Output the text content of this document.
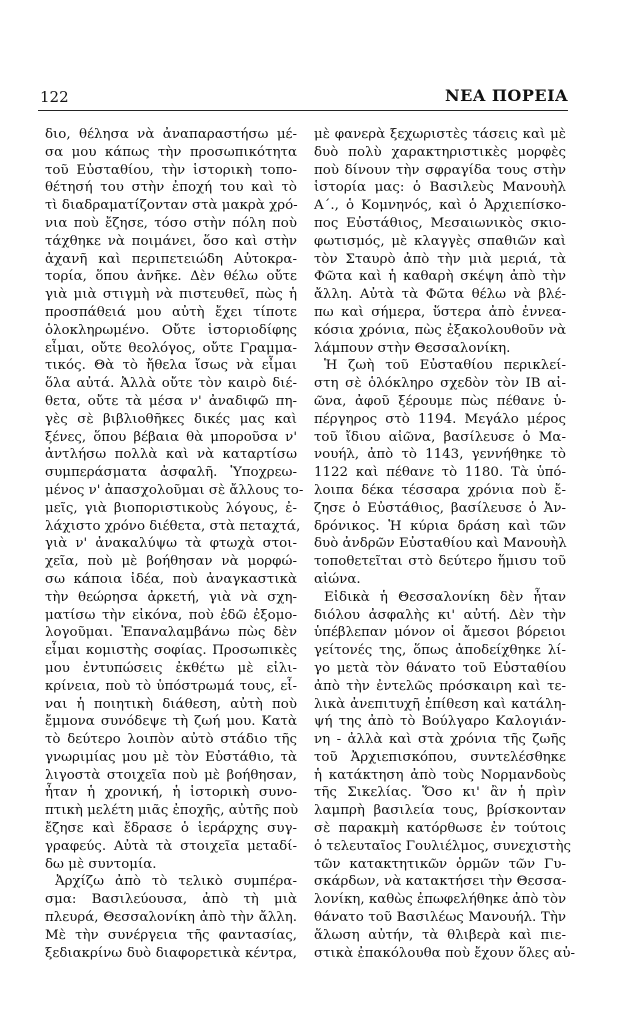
122	ΝΕΑ ΠΟΡΕΙΑ
διο, θέλησα νὰ ἀναπαραστήσω μέ-
σα μου κάπως τὴν προσωπικότητα
τοῦ Εὐσταθίου, τὴν ἱστορικὴ τοπο-
θέτησή του στὴν ἐποχή του καὶ τὸ
τὶ διαδραματίζονταν στὰ μακρὰ χρό-
νια ποὺ ἔζησε, τόσο στὴν πόλη ποὺ
τάχθηκε νὰ ποιμάνει, ὅσο καὶ στὴν
ἀχανῆ καὶ περιπετειώδη Αὐτοκρα-
τορία, ὅπου ἀνῆκε. Δὲν θέλω οὔτε
γιὰ μιὰ στιγμὴ νὰ πιστευθεῖ, πὼς ἡ
προσπάθειά μου αὐτὴ ἔχει τίποτε
ὁλοκληρωμένο. Οὔτε ἱστοριοδίφης
εἶμαι, οὔτε θεολόγος, οὔτε Γραμμα-
τικός. Θὰ τὸ ἤθελα ἴσως νὰ εἶμαι
ὅλα αὐτά. Ἀλλὰ οὔτε τὸν καιρὸ διέ-
θετα, οὔτε τὰ μέσα ν' ἀναδιφῶ πη-
γὲς σὲ βιβλιοθῆκες δικές μας καὶ
ξένες, ὅπου βέβαια θὰ μποροῦσα ν'
ἀντλήσω πολλὰ καὶ νὰ καταρτίσω
συμπεράσματα ἀσφαλῆ. Ὑποχρεω-
μένος ν' ἀπασχολοῦμαι σὲ ἄλλους το-
μεῖς, γιὰ βιοποριστικοὺς λόγους, ἐ-
λάχιστο χρόνο διέθετα, στὰ πεταχτά,
γιὰ ν' ἀνακαλύψω τὰ φτωχὰ στοι-
χεῖα, ποὺ μὲ βοήθησαν νὰ μορφώ-
σω κάποια ἰδέα, ποὺ ἀναγκαστικὰ
τὴν θεώρησα ἀρκετή, γιὰ νὰ σχη-
ματίσω τὴν εἰκόνα, ποὺ ἐδῶ ἐξομο-
λογοῦμαι. Ἐπαναλαμβάνω πὼς δὲν
εἶμαι κομιστὴς σοφίας. Προσωπικὲς
μου ἐντυπώσεις ἐκθέτω μὲ εἰλι-
κρίνεια, ποὺ τὸ ὑπόστρωμά τους, εἶ-
ναι ἡ ποιητικὴ διάθεση, αὐτὴ ποὺ
ἔμμονα συνόδεψε τὴ ζωή μου. Κατὰ
τὸ δεύτερο λοιπὸν αὐτὸ στάδιο τῆς
γνωριμίας μου μὲ τὸν Εὐστάθιο, τὰ
λιγοστὰ στοιχεῖα ποὺ μὲ βοήθησαν,
ἦταν ἡ χρονική, ἡ ἱστορικὴ συνο-
πτικὴ μελέτη μιᾶς ἐποχῆς, αὐτῆς ποὺ
ἔζησε καὶ ἔδρασε ὁ ἱεράρχης συγ-
γραφεύς. Αὐτὰ τὰ στοιχεῖα μεταδί-
δω μὲ συντομία.
Ἀρχίζω ἀπὸ τὸ τελικὸ συμπέρα-
σμα: Βασιλεύουσα, ἀπὸ τὴ μιὰ
πλευρά, Θεσσαλονίκη ἀπὸ τὴν ἄλλη.
Μὲ τὴν συνέργεια τῆς φαντασίας,
ξεδιακρίνω δυὸ διαφορετικὰ κέντρα,
μὲ φανερὰ ξεχωριστὲς τάσεις καὶ μὲ
δυὸ πολὺ χαρακτηριστικὲς μορφὲς
ποὺ δίνουν τὴν σφραγίδα τους στὴν
ἱστορία μας: ὁ Βασιλεὺς Μανουὴλ
Α΄., ὁ Κομνηνός, καὶ ὁ Ἀρχιεπίσκο-
πος Εὐστάθιος, Μεσαιωνικὸς σκιο-
φωτισμός, μὲ κλαγγὲς σπαθιῶν καὶ
τὸν Σταυρὸ ἀπὸ τὴν μιὰ μεριά, τὰ
Φῶτα καὶ ἡ καθαρὴ σκέψη ἀπὸ τὴν
ἄλλη. Αὐτὰ τὰ Φῶτα θέλω νὰ βλέ-
πω καὶ σήμερα, ὕστερα ἀπὸ ἐννεα-
κόσια χρόνια, πὼς ἐξακολουθοῦν νὰ
λάμπουν στὴν Θεσσαλονίκη.
Ἡ ζωὴ τοῦ Εὐσταθίου περικλεί-
στη σὲ ὁλόκληρο σχεδὸν τὸν ΙΒ αἰ-
ῶνα, ἀφοῦ ξέρουμε πὼς πέθανε ὑ-
πέργηρος στὸ 1194. Μεγάλο μέρος
τοῦ ἴδιου αἰῶνα, βασίλευσε ὁ Μα-
νουήλ, ἀπὸ τὸ 1143, γεννήθηκε τὸ
1122 καὶ πέθανε τὸ 1180. Τὰ ὑπό-
λοιπα δέκα τέσσαρα χρόνια ποὺ ἔ-
ζησε ὁ Εὐστάθιος, βασίλευσε ὁ Ἀν-
δρόνικος. Ἡ κύρια δράση καὶ τῶν
δυὸ ἀνδρῶν Εὐσταθίου καὶ Μανουὴλ
τοποθετεῖται στὸ δεύτερο ἥμισυ τοῦ
αἰώνα.
Εἰδικὰ ἡ Θεσσαλονίκη δὲν ἦταν
διόλου ἀσφαλὴς κι' αὐτή. Δὲν τὴν
ὑπέβλεπαν μόνον οἱ ἄμεσοι βόρειοι
γείτονές της, ὅπως ἀποδείχθηκε λί-
γο μετὰ τὸν θάνατο τοῦ Εὐσταθίου
ἀπὸ τὴν ἐντελῶς πρόσκαιρη καὶ τε-
λικὰ ἀνεπιτυχῆ ἐπίθεση καὶ κατάλη-
ψή της ἀπὸ τὸ Βούλγαρο Καλογιάν-
νη - ἀλλὰ καὶ στὰ χρόνια τῆς ζωῆς
τοῦ Ἀρχιεπισκόπου, συντελέσθηκε
ἡ κατάκτηση ἀπὸ τοὺς Νορμανδοὺς
τῆς Σικελίας. Ὅσο κι' ἂν ἡ πρὶν
λαμπρὴ βασιλεία τους, βρίσκονταν
σὲ παρακμὴ κατόρθωσε ἐν τούτοις
ὁ τελευταῖος Γουλιέλμος, συνεχιστὴς
τῶν κατακτητικῶν ὁρμῶν τῶν Γυ-
σκάρδων, νὰ κατακτήσει τὴν Θεσσα-
λονίκη, καθὼς ἐπωφελήθηκε ἀπὸ τὸν
θάνατο τοῦ Βασιλέως Μανουήλ. Τὴν
ἅλωση αὐτήν, τὰ θλιβερὰ καὶ πιε-
στικὰ ἐπακόλουθα ποὺ ἔχουν ὅλες αὐ-
